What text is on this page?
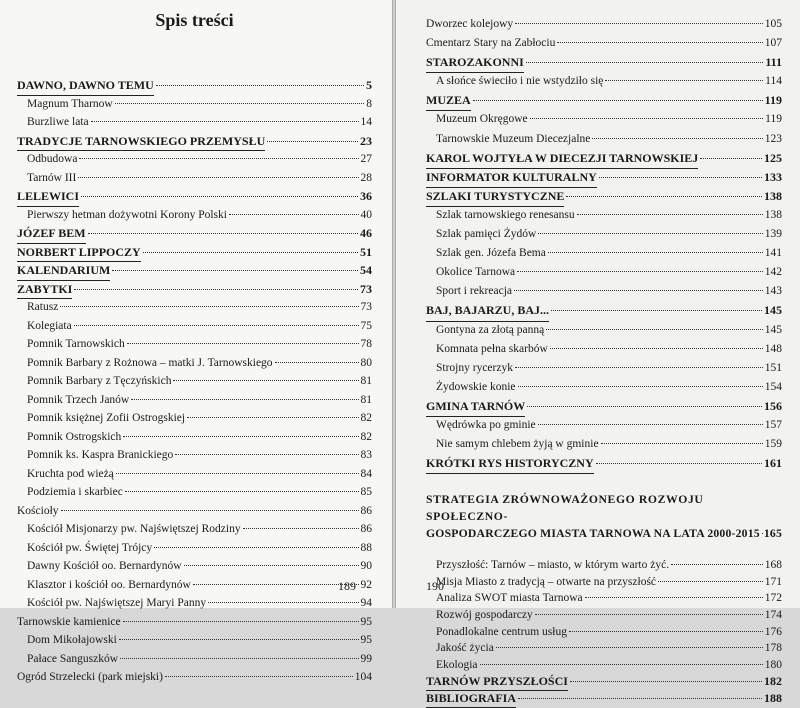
Spis treści
DAWNO, DAWNO TEMU	5
Magnum Tharnow	8
Burzliwe lata	14
TRADYCJE TARNOWSKIEGO PRZEMYSŁU	23
Odbudowa	27
Tarnów III	28
LELEWICI	36
Pierwszy hetman dożywotni Korony Polski	40
JÓZEF BEM	46
NORBERT LIPPOCZY	51
KALENDARIUM	54
ZABYTKI	73
Ratusz	73
Kolegiata	75
Pomnik Tarnowskich	78
Pomnik Barbary z Rożnowa – matki J. Tarnowskiego	80
Pomnik Barbary z Tęczyńskich	81
Pomnik Trzech Janów	81
Pomnik księżnej Zofii Ostrogskiej	82
Pomnik Ostrogskich	82
Pomnik ks. Kaspra Branickiego	83
Kruchta pod wieżą	84
Podziemia i skarbiec	85
Kościoły	86
Kościół Misjonarzy pw. Najświętszej Rodziny	86
Kościół pw. Świętej Trójcy	88
Dawny Kościół oo. Bernardynów	90
Klasztor i kościół oo. Bernardynów	92
Kościół pw. Najświętszej Maryi Panny	94
Tarnowskie kamienice	95
Dom Mikołajowski	95
Pałace Sanguszków	99
Ogród Strzelecki (park miejski)	104
189
Dworzec kolejowy	105
Cmentarz Stary na Zabłociu	107
STAROZAKONNI	111
A słońce świeciło i nie wstydziło się	114
MUZEA	119
Muzeum Okręgowe	119
Tarnowskie Muzeum Diecezjalne	123
KAROL WOJTYŁA W DIECEZJI TARNOWSKIEJ	125
INFORMATOR KULTURALNY	133
SZLAKI TURYSTYCZNE	138
Szlak tarnowskiego renesansu	138
Szlak pamięci Żydów	139
Szlak gen. Józefa Bema	141
Okolice Tarnowa	142
Sport i rekreacja	143
BAJ, BAJARZU, BAJ...	145
Gontyna za złotą panną	145
Komnata pełna skarbów	148
Strojny rycerzyk	151
Żydowskie konie	154
GMINA TARNÓW	156
Wędrówka po gminie	157
Nie samym chlebem żyją w gminie	159
KRÓTKI RYS HISTORYCZNY	161
STRATEGIA ZRÓWNOWAŻONEGO ROZWOJU SPOŁECZNO-
GOSPODARCZEGO MIASTA TARNOWA NA LATA 2000-2015 165
Przyszłość: Tarnów – miasto, w którym warto żyć.	168
Misja Miasto z tradycją – otwarte na przyszłość	171
Analiza SWOT miasta Tarnowa	172
Rozwój gospodarczy	174
Ponadlokalne centrum usług	176
Jakość życia	178
Ekologia	180
TARNÓW PRZYSZŁOŚCI	182
BIBLIOGRAFIA	188
190
